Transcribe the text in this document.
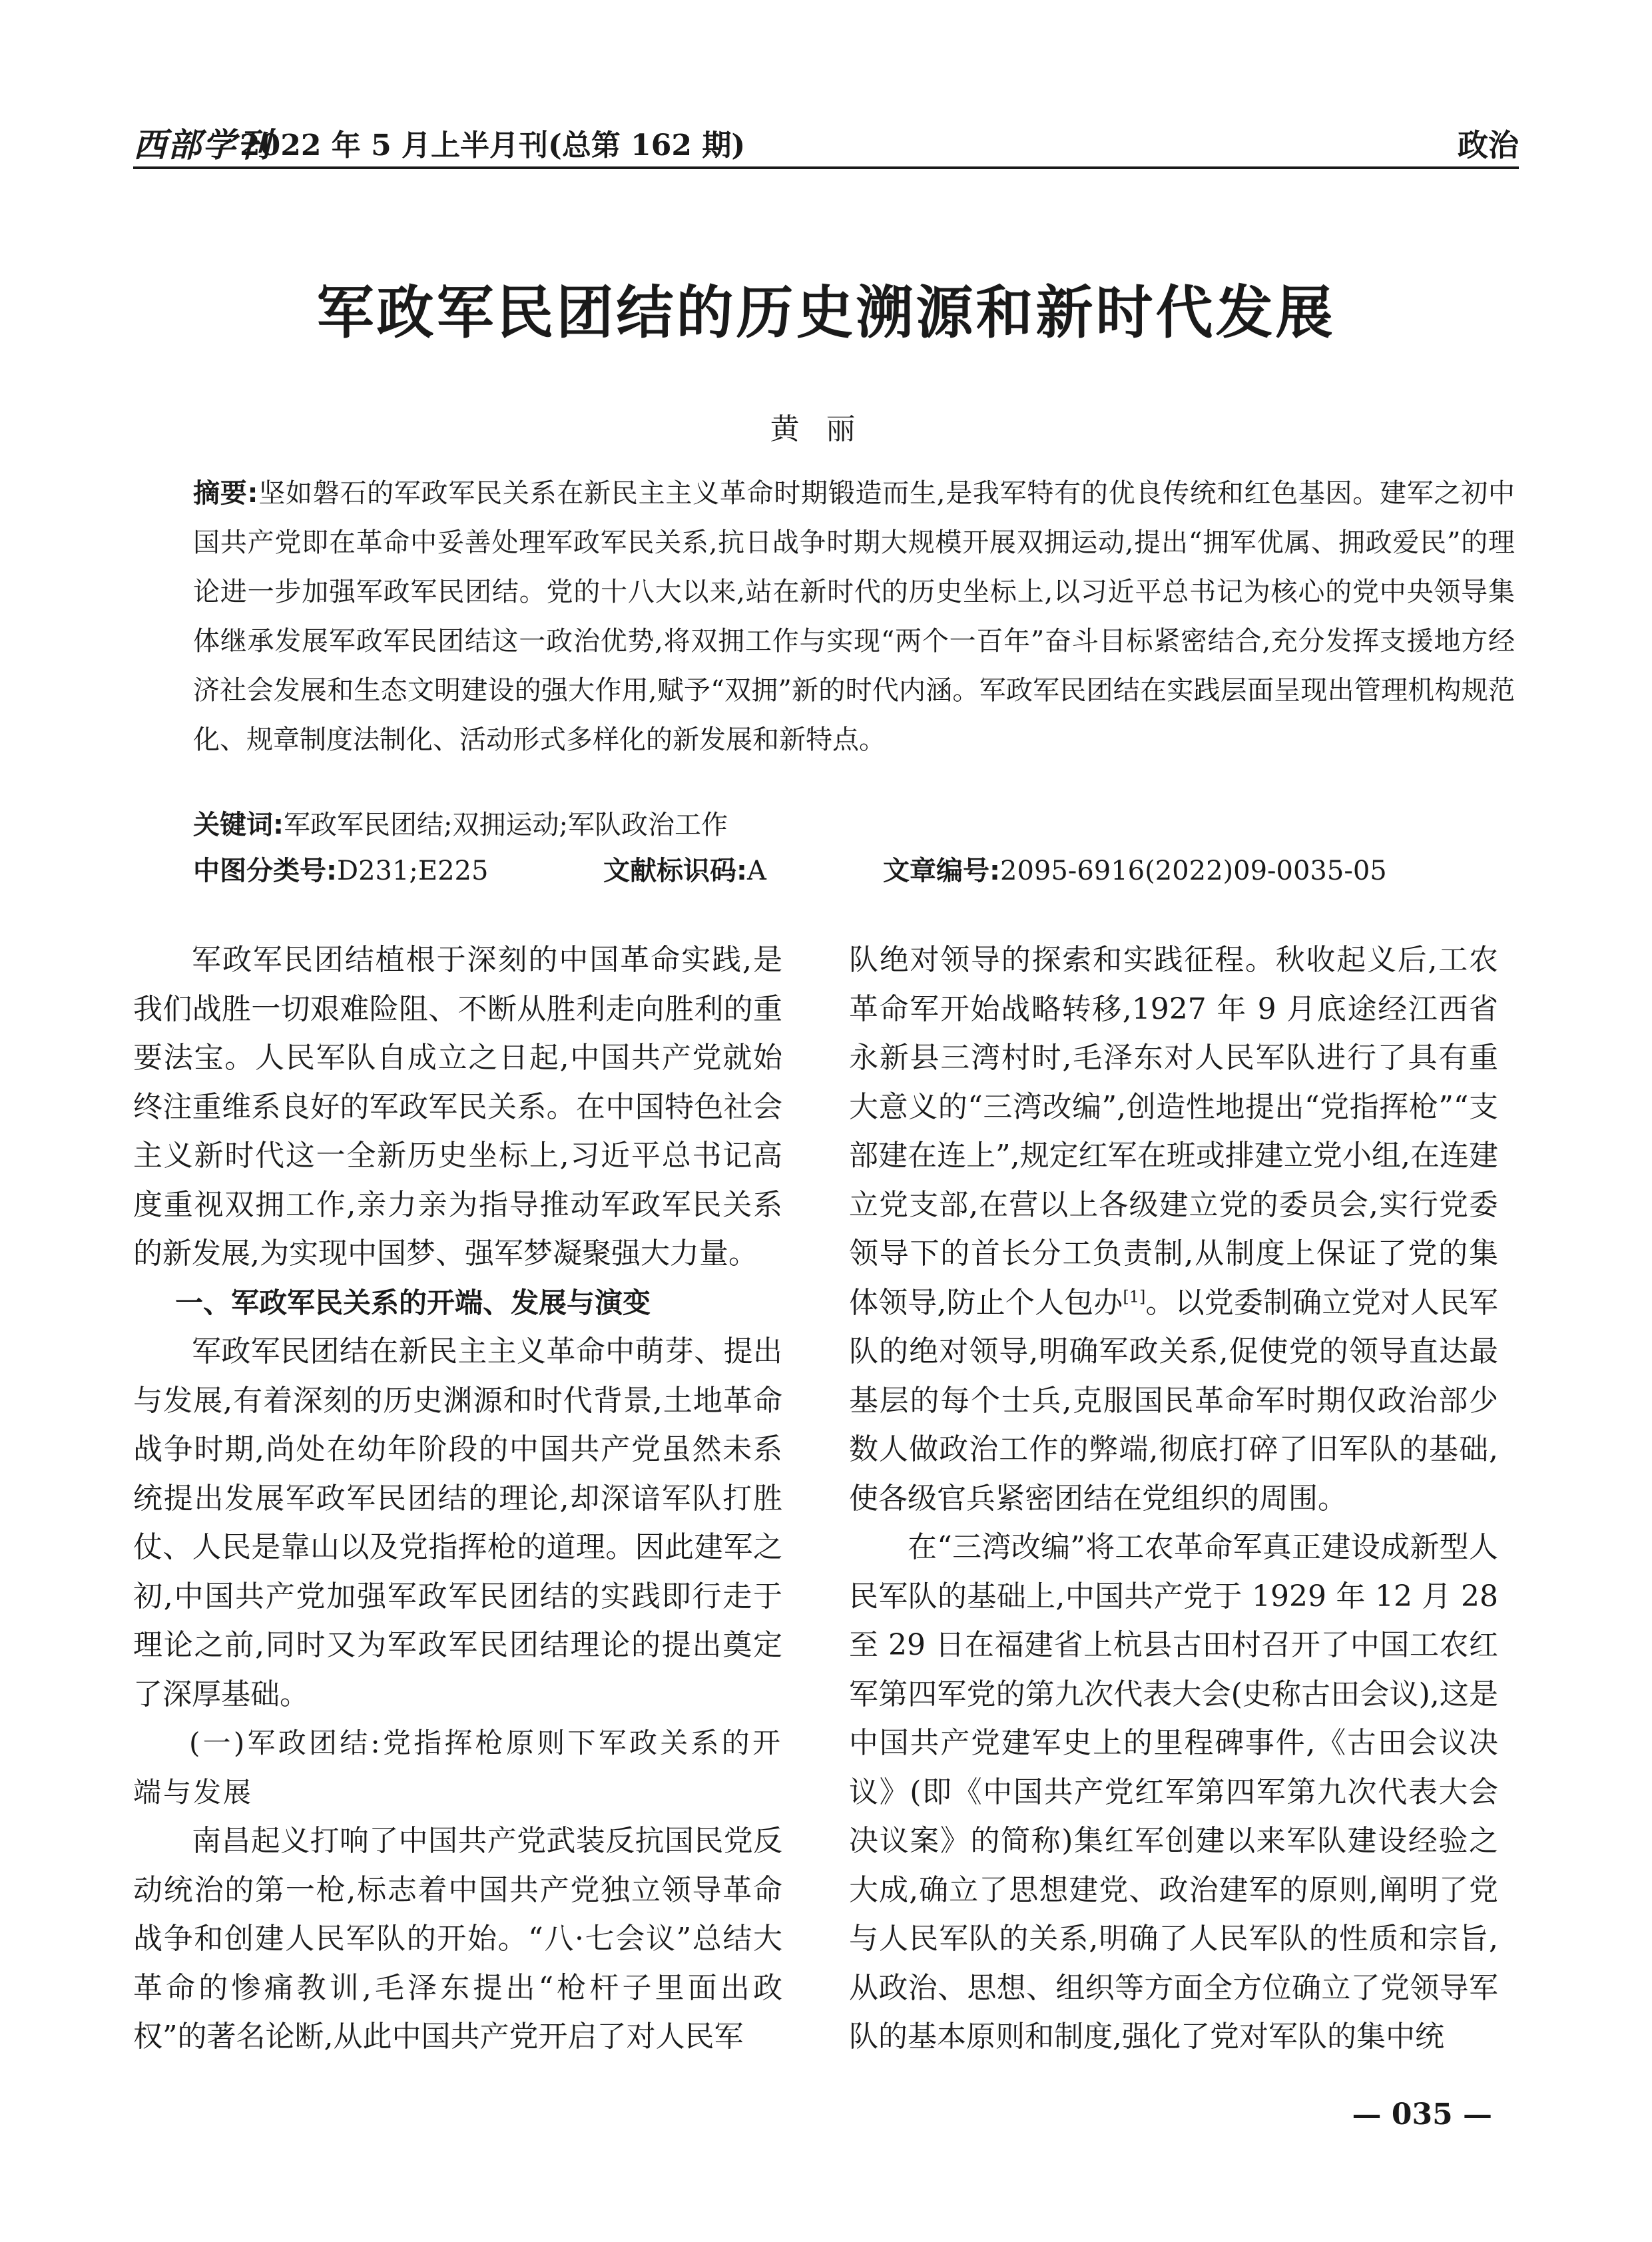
西部学刊
2022 年 5 月上半月刊(总第 162 期)	政治
军政军民团结的历史溯源和新时代发展
黄丽
摘要:坚如磐石的军政军民关系在新民主主义革命时期锻造而生,是我军特有的优良传统和红色基因。建军之初中国共产党即在革命中妥善处理军政军民关系,抗日战争时期大规模开展双拥运动,提出“拥军优属、拥政爱民”的理论进一步加强军政军民团结。党的十八大以来,站在新时代的历史坐标上,以习近平总书记为核心的党中央领导集体继承发展军政军民团结这一政治优势,将双拥工作与实现“两个一百年”奋斗目标紧密结合,充分发挥支援地方经济社会发展和生态文明建设的强大作用,赋予“双拥”新的时代内涵。军政军民团结在实践层面呈现出管理机构规范化、规章制度法制化、活动形式多样化的新发展和新特点。
关键词:军政军民团结;双拥运动;军队政治工作
中图分类号:D231;E225	文献标识码:A	文章编号:2095-6916(2022)09-0035-05

军政军民团结植根于深刻的中国革命实践,是我们战胜一切艰难险阻、不断从胜利走向胜利的重要法宝。人民军队自成立之日起,中国共产党就始终注重维系良好的军政军民关系。在中国特色社会主义新时代这一全新历史坐标上,习近平总书记高度重视双拥工作,亲力亲为指导推动军政军民关系的新发展,为实现中国梦、强军梦凝聚强大力量。

一、军政军民关系的开端、发展与演变

军政军民团结在新民主主义革命中萌芽、提出与发展,有着深刻的历史渊源和时代背景,土地革命战争时期,尚处在幼年阶段的中国共产党虽然未系统提出发展军政军民团结的理论,却深谙军队打胜仗、人民是靠山以及党指挥枪的道理。因此建军之初,中国共产党加强军政军民团结的实践即行走于理论之前,同时又为军政军民团结理论的提出奠定了深厚基础。

(一)军政团结:党指挥枪原则下军政关系的开端与发展

南昌起义打响了中国共产党武装反抗国民党反动统治的第一枪,标志着中国共产党独立领导革命战争和创建人民军队的开始。“八·七会议”总结大革命的惨痛教训,毛泽东提出“枪杆子里面出政权”的著名论断,从此中国共产党开启了对人民军

队绝对领导的探索和实践征程。秋收起义后,工农革命军开始战略转移,1927 年 9 月底途经江西省永新县三湾村时,毛泽东对人民军队进行了具有重大意义的“三湾改编”,创造性地提出“党指挥枪”“支部建在连上”,规定红军在班或排建立党小组,在连建立党支部,在营以上各级建立党的委员会,实行党委领导下的首长分工负责制,从制度上保证了党的集体领导,防止个人包办[1]。以党委制确立党对人民军队的绝对领导,明确军政关系,促使党的领导直达最基层的每个士兵,克服国民革命军时期仅政治部少数人做政治工作的弊端,彻底打碎了旧军队的基础,使各级官兵紧密团结在党组织的周围。

在“三湾改编”将工农革命军真正建设成新型人民军队的基础上,中国共产党于 1929 年 12 月 28 至 29 日在福建省上杭县古田村召开了中国工农红军第四军党的第九次代表大会(史称古田会议),这是中国共产党建军史上的里程碑事件,《古田会议决议》(即《中国共产党红军第四军第九次代表大会决议案》的简称)集红军创建以来军队建设经验之大成,确立了思想建党、政治建军的原则,阐明了党与人民军队的关系,明确了人民军队的性质和宗旨,从政治、思想、组织等方面全方位确立了党领导军队的基本原则和制度,强化了党对军队的集中统

— 035 —
